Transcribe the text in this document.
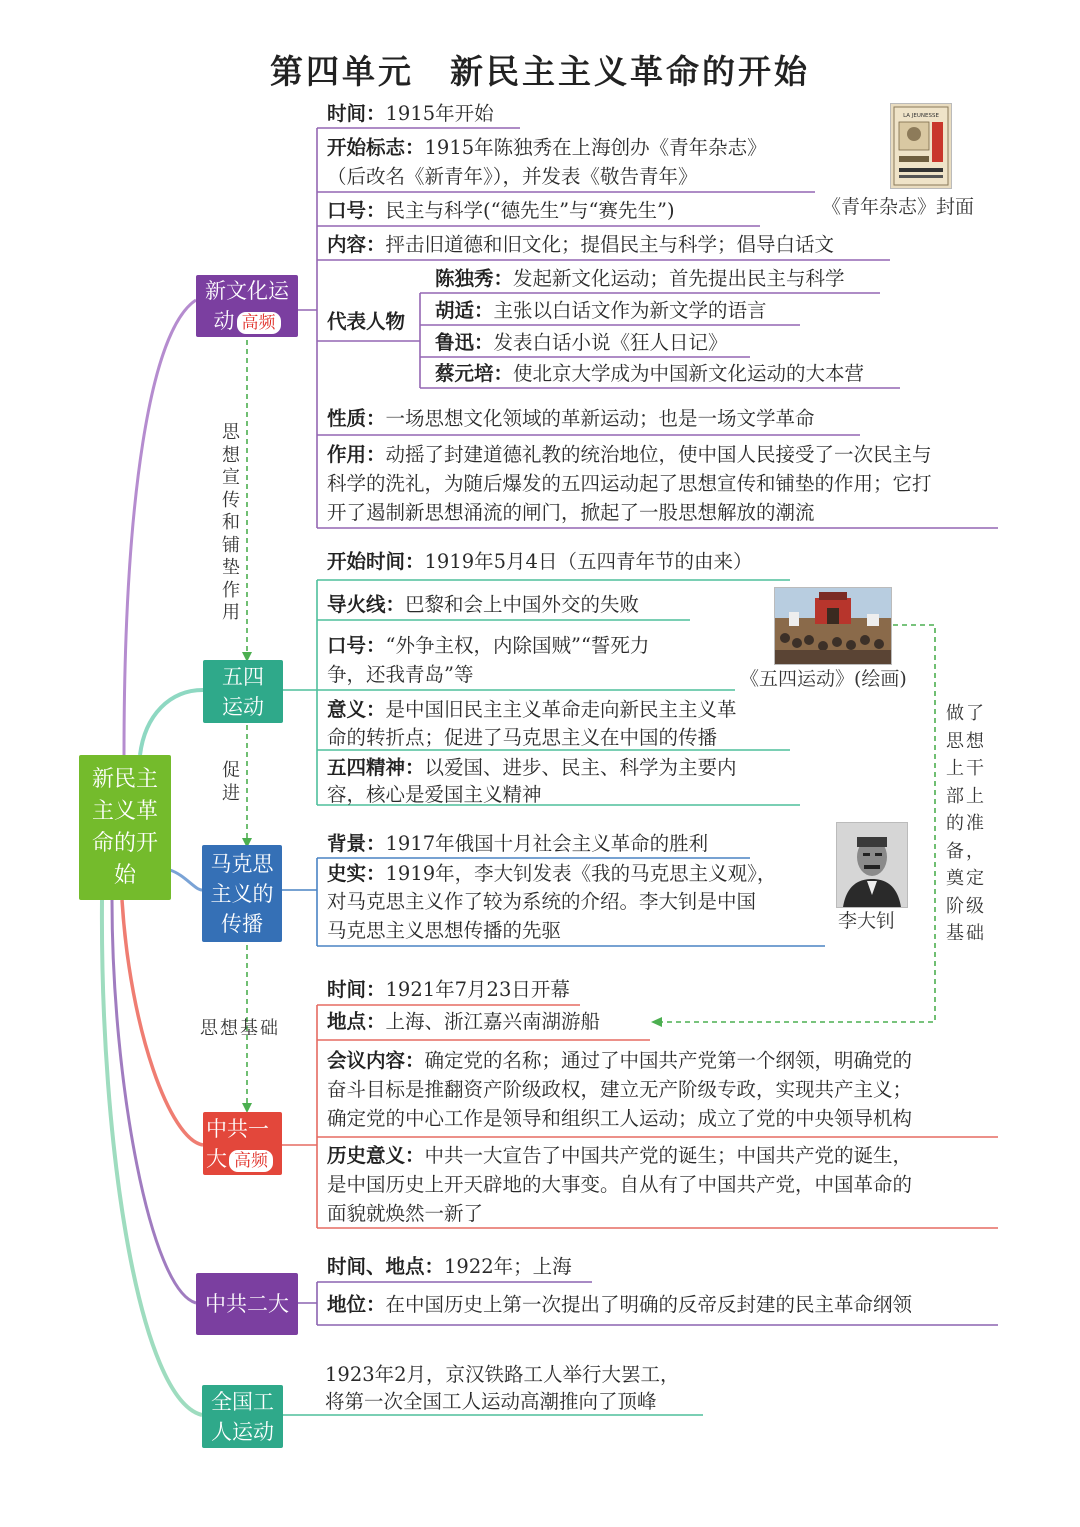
第四单元　新民主主义革命的开始
新民主
主义革
命的开
始
新文化运
动 高频
五四
运动
马克思
主义的
传播
中共一
大 高频
中共二大
全国工
人运动
思想宣传和铺垫作用
促进
思想基础
做了思想上干部上的准备，奠定阶级基础
时间：1915年开始
开始标志：1915年陈独秀在上海创办《青年杂志》
（后改名《新青年》），并发表《敬告青年》
口号：民主与科学(“德先生”与“赛先生”)
内容：抨击旧道德和旧文化；提倡民主与科学；倡导白话文
代表人物
陈独秀：发起新文化运动；首先提出民主与科学
胡适：主张以白话文作为新文学的语言
鲁迅：发表白话小说《狂人日记》
蔡元培：使北京大学成为中国新文化运动的大本营
性质：一场思想文化领域的革新运动；也是一场文学革命
作用：动摇了封建道德礼教的统治地位，使中国人民接受了一次民主与
科学的洗礼，为随后爆发的五四运动起了思想宣传和铺垫的作用；它打
开了遏制新思想涌流的闸门，掀起了一股思想解放的潮流
LA JEUNESSE
《青年杂志》封面
开始时间：1919年5月4日（五四青年节的由来）
导火线：巴黎和会上中国外交的失败
口号：“外争主权，内除国贼”“誓死力
争，还我青岛”等
意义：是中国旧民主主义革命走向新民主主义革
命的转折点；促进了马克思主义在中国的传播
五四精神：以爱国、进步、民主、科学为主要内
容，核心是爱国主义精神
《五四运动》(绘画)
背景：1917年俄国十月社会主义革命的胜利
史实：1919年，李大钊发表《我的马克思主义观》，
对马克思主义作了较为系统的介绍。李大钊是中国
马克思主义思想传播的先驱	李大钊
时间：1921年7月23日开幕
地点：上海、浙江嘉兴南湖游船
会议内容：确定党的名称；通过了中国共产党第一个纲领，明确党的
奋斗目标是推翻资产阶级政权，建立无产阶级专政，实现共产主义；
确定党的中心工作是领导和组织工人运动；成立了党的中央领导机构
历史意义：中共一大宣告了中国共产党的诞生；中国共产党的诞生，
是中国历史上开天辟地的大事变。自从有了中国共产党，中国革命的
面貌就焕然一新了
时间、地点：1922年；上海
地位：在中国历史上第一次提出了明确的反帝反封建的民主革命纲领
1923年2月，京汉铁路工人举行大罢工，
将第一次全国工人运动高潮推向了顶峰
